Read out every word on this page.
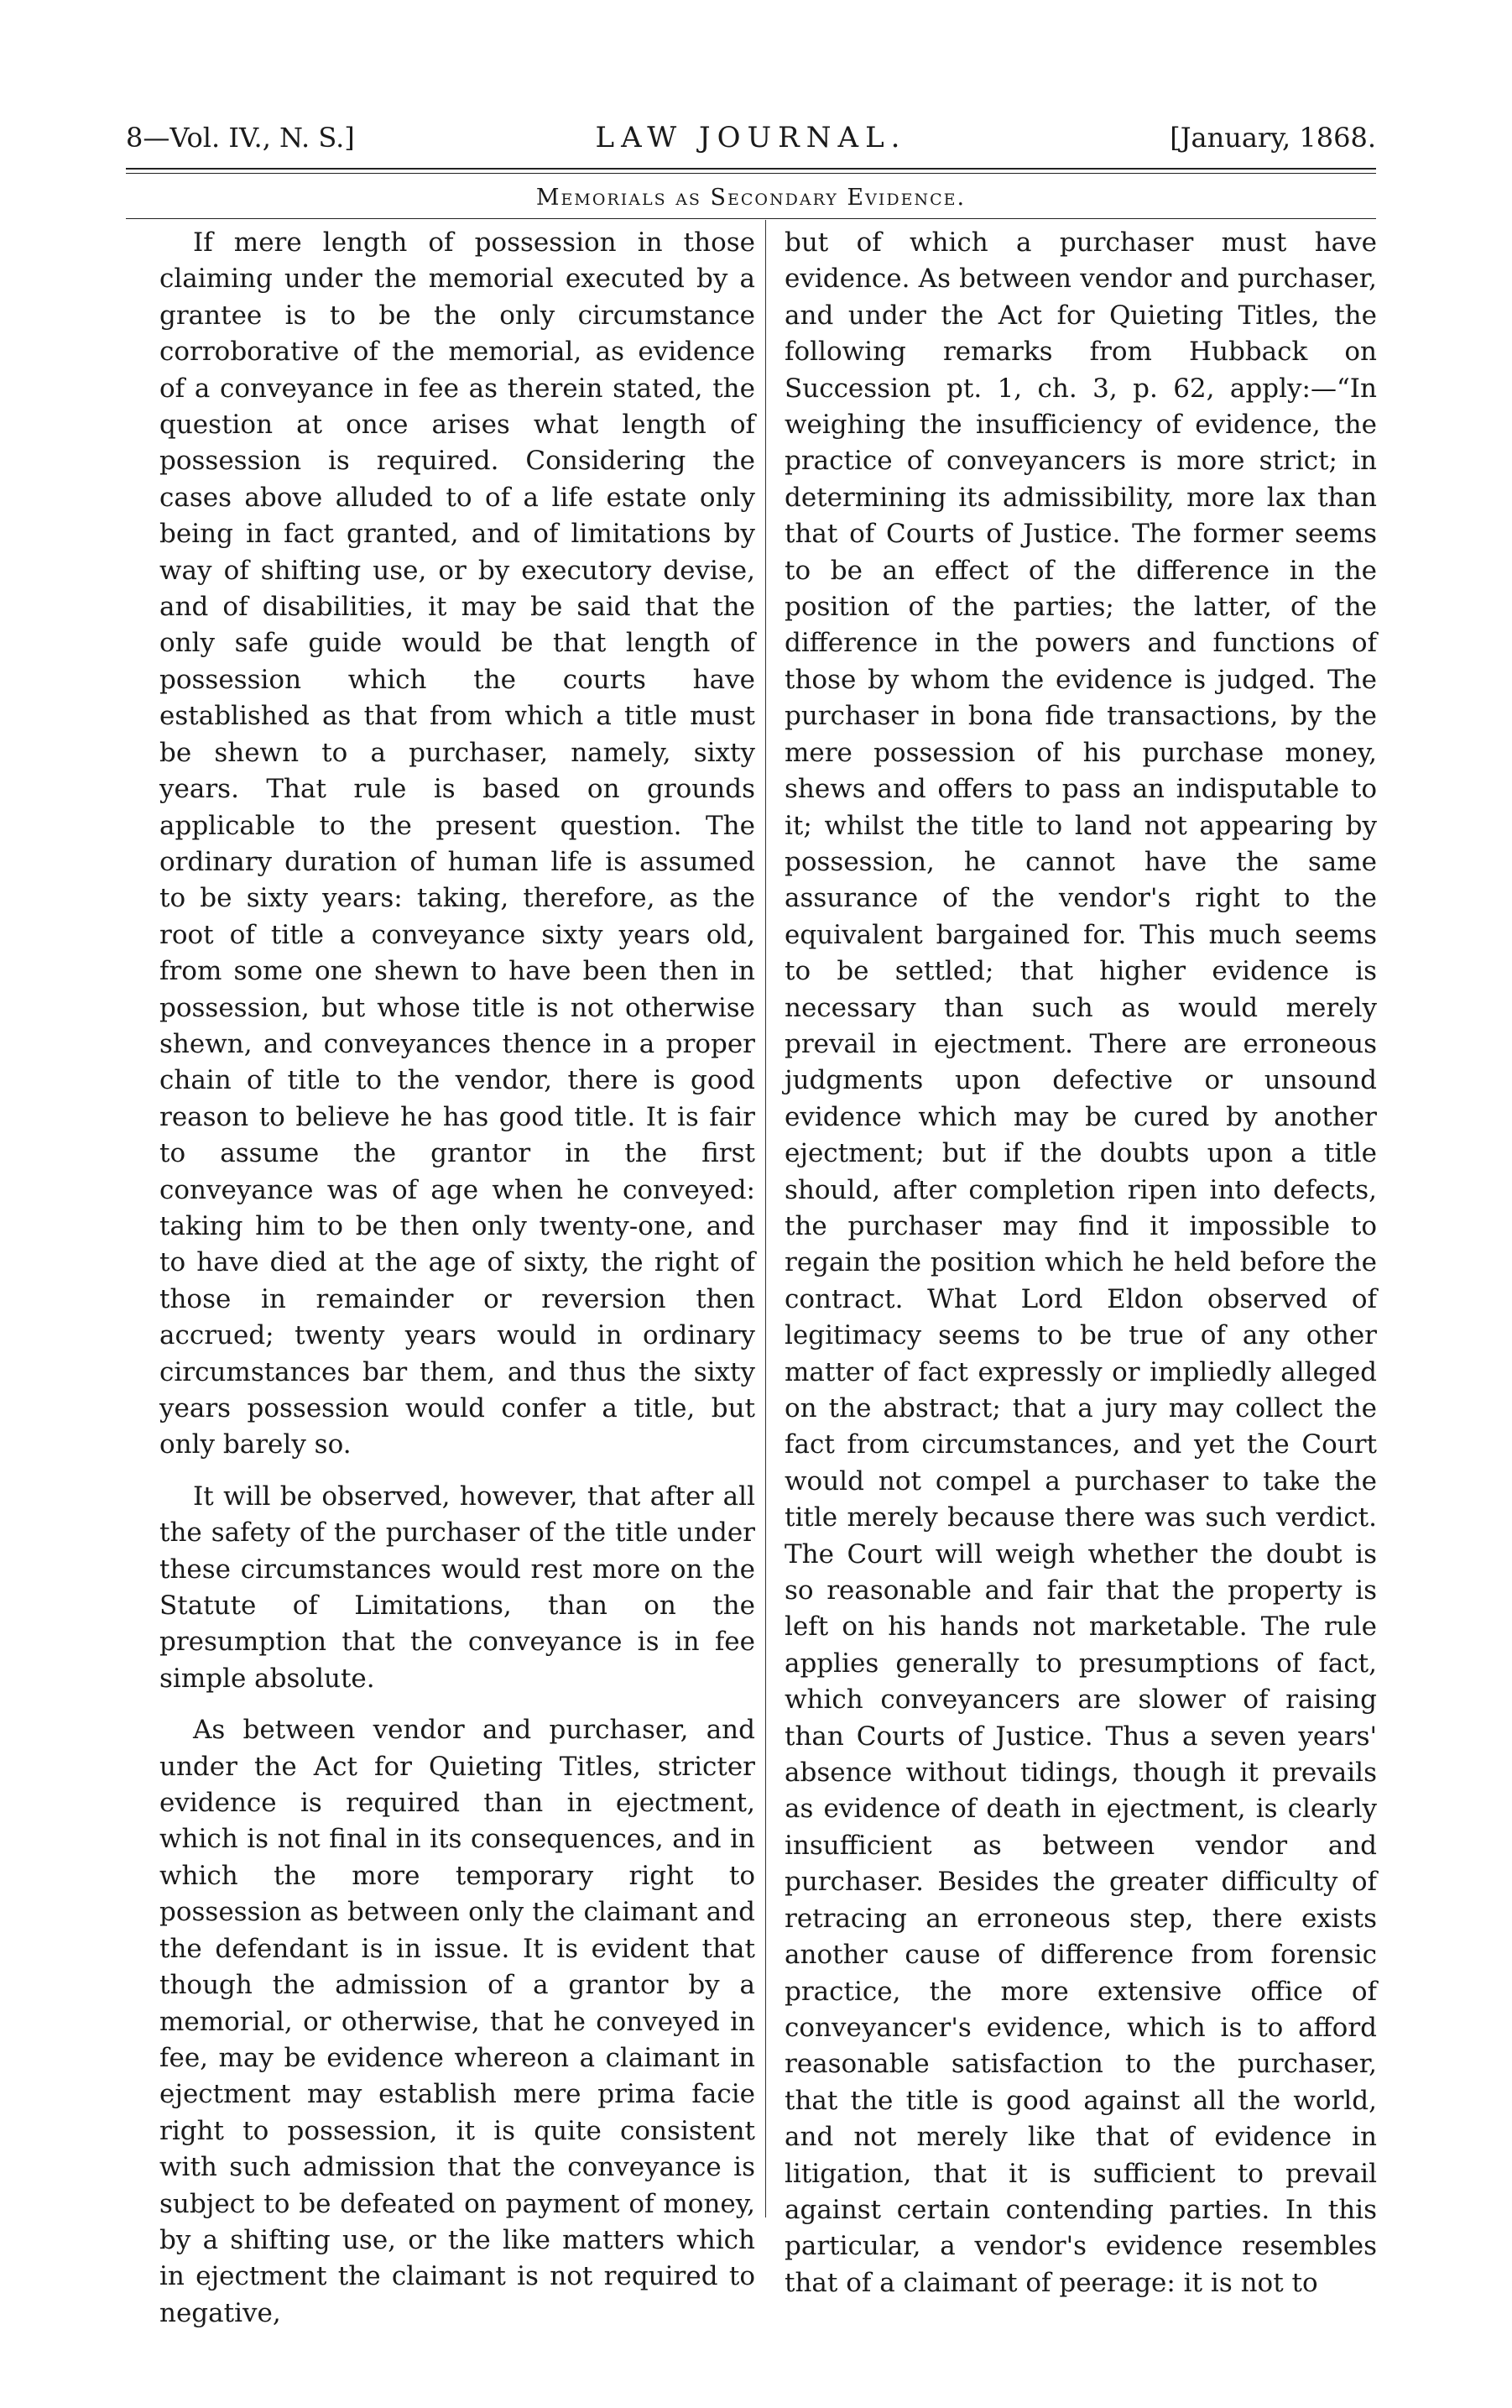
8—Vol. IV., N. S.]	LAW JOURNAL.	[January, 1868.
Memorials as Secondary Evidence.

If mere length of possession in those claiming under the memorial executed by a grantee is to be the only circumstance corroborative of the memorial, as evidence of a conveyance in fee as therein stated, the question at once arises what length of possession is required. Considering the cases above alluded to of a life estate only being in fact granted, and of limitations by way of shifting use, or by executory devise, and of disabilities, it may be said that the only safe guide would be that length of possession which the courts have established as that from which a title must be shewn to a purchaser, namely, sixty years. That rule is based on grounds applicable to the present question. The ordinary duration of human life is assumed to be sixty years: taking, therefore, as the root of title a conveyance sixty years old, from some one shewn to have been then in possession, but whose title is not otherwise shewn, and conveyances thence in a proper chain of title to the vendor, there is good reason to believe he has good title. It is fair to assume the grantor in the first conveyance was of age when he conveyed: taking him to be then only twenty-one, and to have died at the age of sixty, the right of those in remainder or reversion then accrued; twenty years would in ordinary circumstances bar them, and thus the sixty years possession would confer a title, but only barely so.

It will be observed, however, that after all the safety of the purchaser of the title under these circumstances would rest more on the Statute of Limitations, than on the presumption that the conveyance is in fee simple absolute.

As between vendor and purchaser, and under the Act for Quieting Titles, stricter evidence is required than in ejectment, which is not final in its consequences, and in which the more temporary right to possession as between only the claimant and the defendant is in issue. It is evident that though the admission of a grantor by a memorial, or otherwise, that he conveyed in fee, may be evidence whereon a claimant in ejectment may establish mere prima facie right to possession, it is quite consistent with such admission that the conveyance is subject to be defeated on payment of money, by a shifting use, or the like matters which in ejectment the claimant is not required to negative,

but of which a purchaser must have evidence. As between vendor and purchaser, and under the Act for Quieting Titles, the following remarks from Hubback on Succession pt. 1, ch. 3, p. 62, apply:—“In weighing the insufficiency of evidence, the practice of conveyancers is more strict; in determining its admissibility, more lax than that of Courts of Justice. The former seems to be an effect of the difference in the position of the parties; the latter, of the difference in the powers and functions of those by whom the evidence is judged. The purchaser in bona fide transactions, by the mere possession of his purchase money, shews and offers to pass an indisputable to it; whilst the title to land not appearing by possession, he cannot have the same assurance of the vendor's right to the equivalent bargained for. This much seems to be settled; that higher evidence is necessary than such as would merely prevail in ejectment. There are erroneous judgments upon defective or unsound evidence which may be cured by another ejectment; but if the doubts upon a title should, after completion ripen into defects, the purchaser may find it impossible to regain the position which he held before the contract. What Lord Eldon observed of legitimacy seems to be true of any other matter of fact expressly or impliedly alleged on the abstract; that a jury may collect the fact from circumstances, and yet the Court would not compel a purchaser to take the title merely because there was such verdict. The Court will weigh whether the doubt is so reasonable and fair that the property is left on his hands not marketable. The rule applies generally to presumptions of fact, which conveyancers are slower of raising than Courts of Justice. Thus a seven years' absence without tidings, though it prevails as evidence of death in ejectment, is clearly insufficient as between vendor and purchaser. Besides the greater difficulty of retracing an erroneous step, there exists another cause of difference from forensic practice, the more extensive office of conveyancer's evidence, which is to afford reasonable satisfaction to the purchaser, that the title is good against all the world, and not merely like that of evidence in litigation, that it is sufficient to prevail against certain contending parties. In this particular, a vendor's evidence resembles that of a claimant of peerage: it is not to
